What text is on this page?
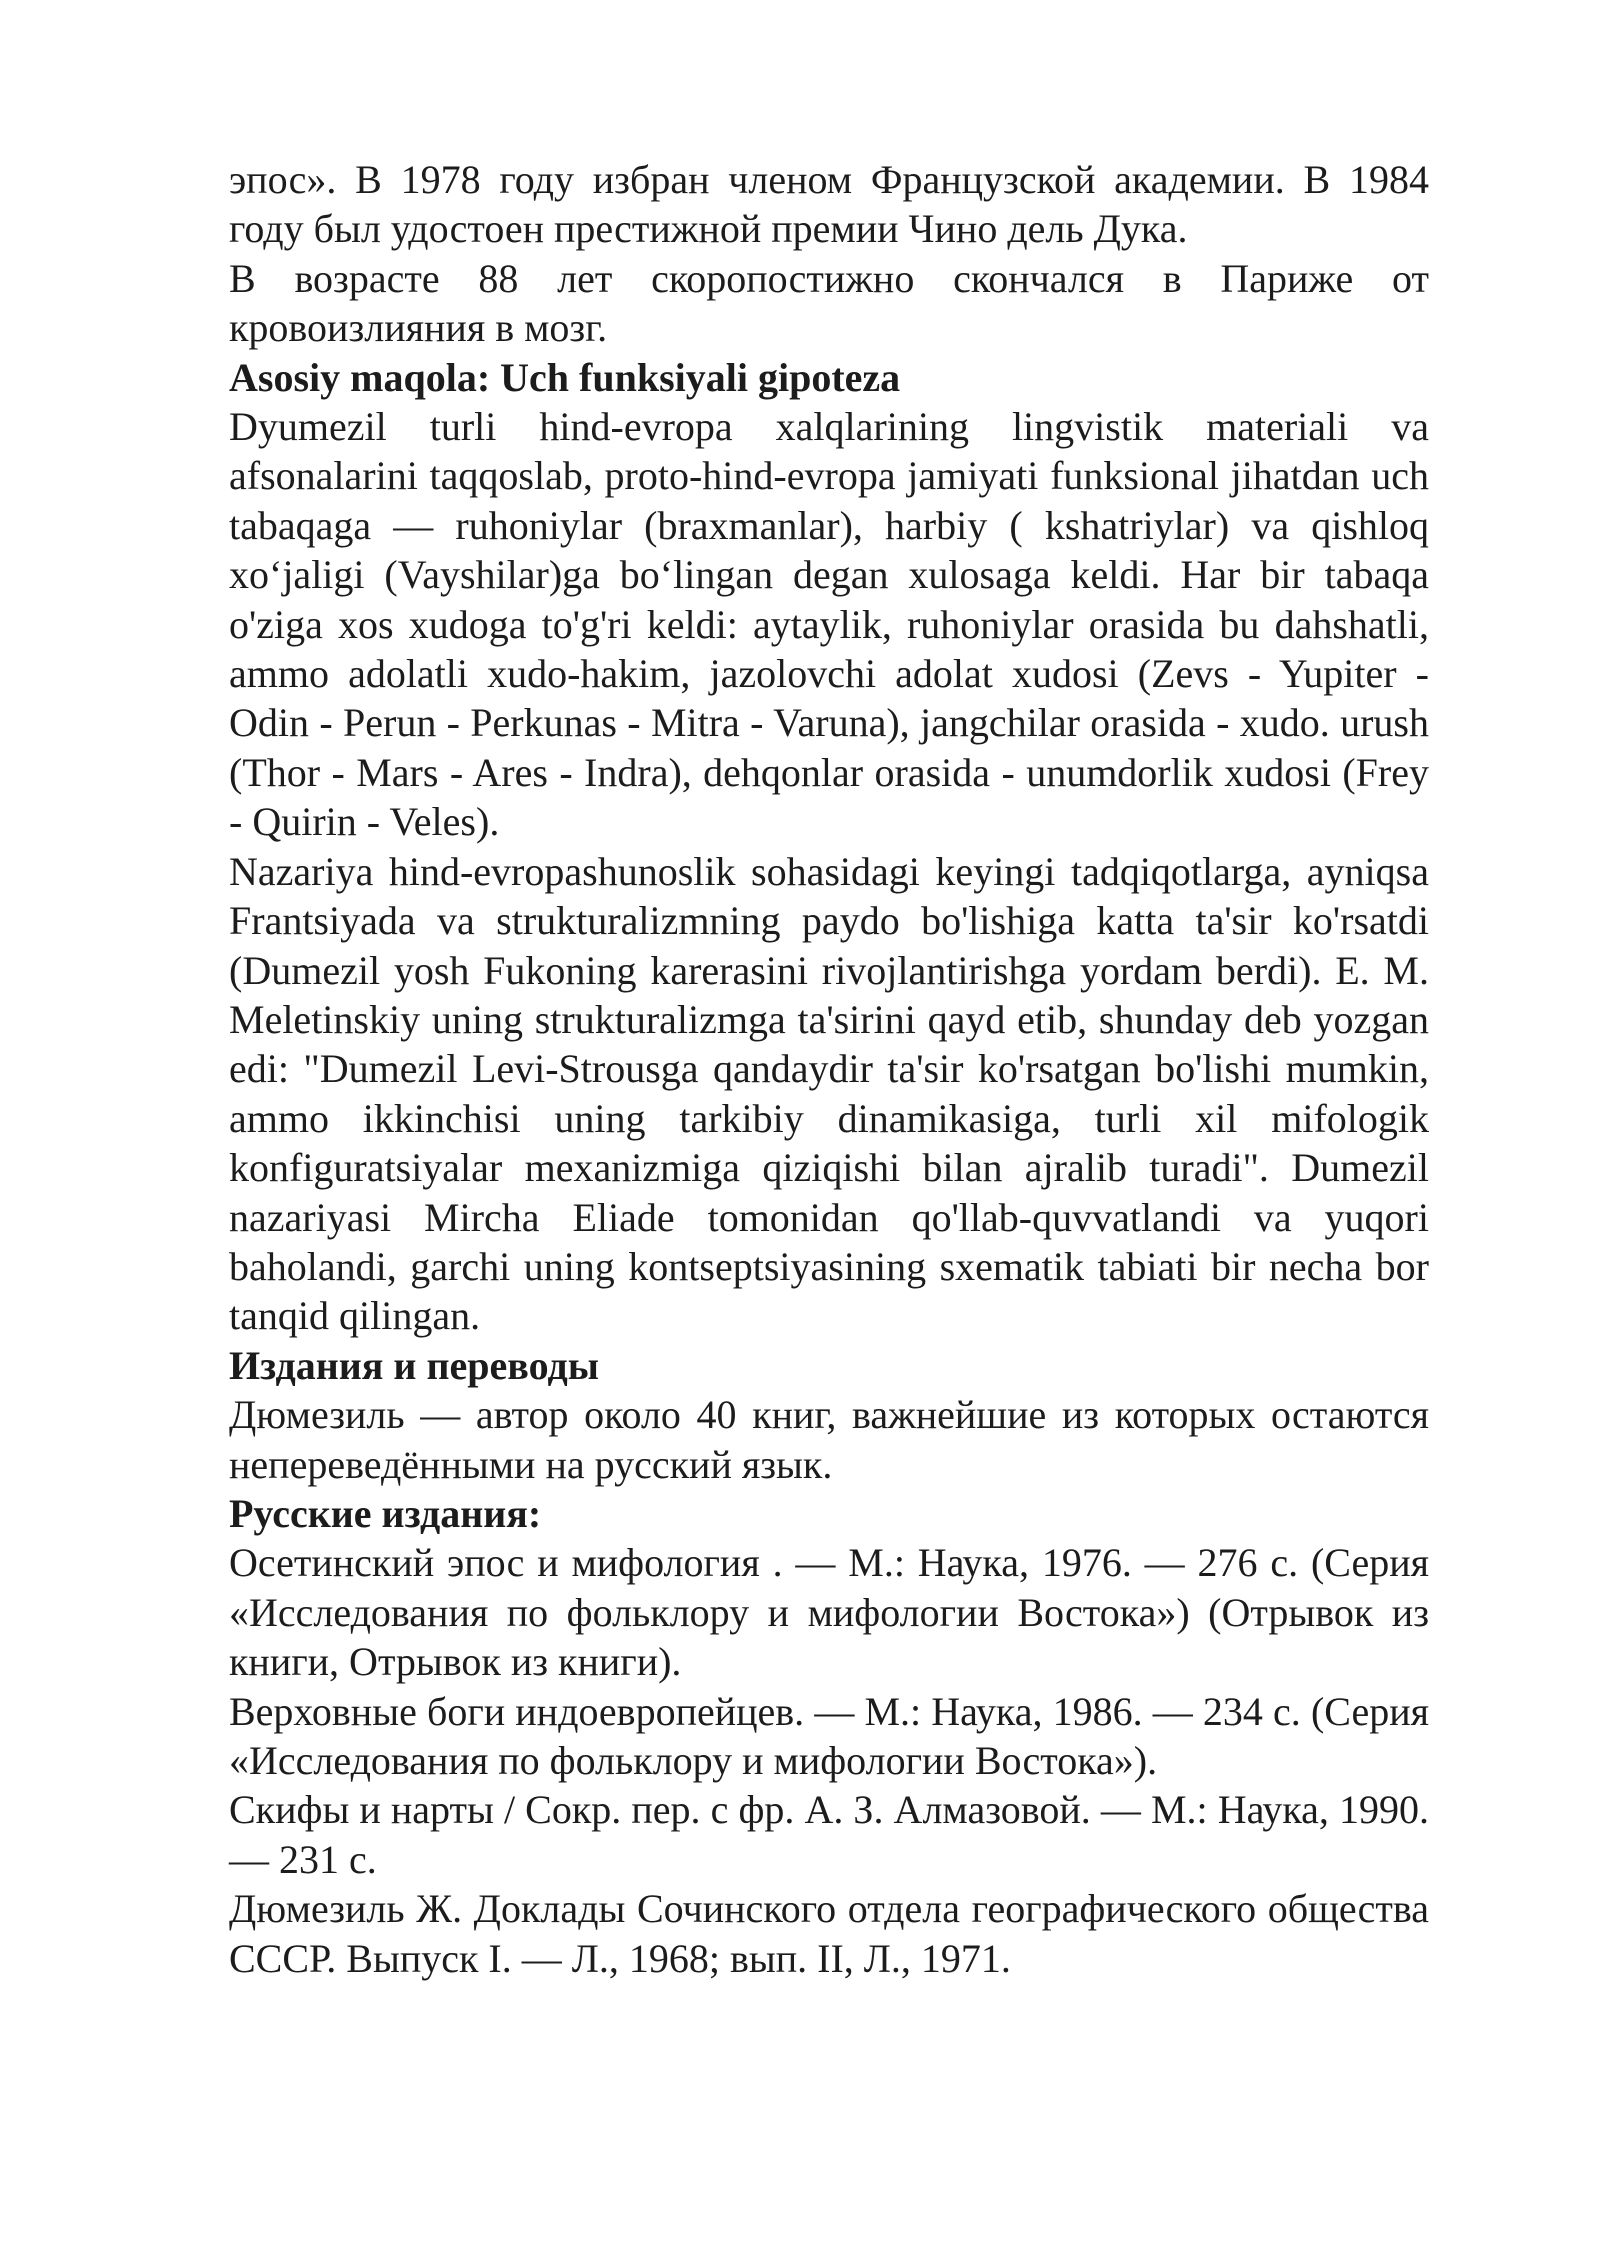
эпос». В 1978 году избран членом Французской академии. В 1984 году был удостоен престижной премии Чино дель Дука.

В возрасте 88 лет скоропостижно скончался в Париже от кровоизлияния в мозг.

Asosiy maqola: Uch funksiyali gipoteza

Dyumezil turli hind-evropa xalqlarining lingvistik materiali va afsonalarini taqqoslab, proto-hind-evropa jamiyati funksional jihatdan uch tabaqaga — ruhoniylar (braxmanlar), harbiy ( kshatriylar) va qishloq xoʻjaligi (Vayshilar)ga boʻlingan degan xulosaga keldi. Har bir tabaqa o'ziga xos xudoga to'g'ri keldi: aytaylik, ruhoniylar orasida bu dahshatli, ammo adolatli xudo-hakim, jazolovchi adolat xudosi (Zevs - Yupiter - Odin - Perun - Perkunas - Mitra - Varuna), jangchilar orasida - xudo. urush (Thor - Mars - Ares - Indra), dehqonlar orasida - unumdorlik xudosi (Frey - Quirin - Veles).

Nazariya hind-evropashunoslik sohasidagi keyingi tadqiqotlarga, ayniqsa Frantsiyada va strukturalizmning paydo bo'lishiga katta ta'sir ko'rsatdi (Dumezil yosh Fukoning karerasini rivojlantirishga yordam berdi). E. M. Meletinskiy uning strukturalizmga ta'sirini qayd etib, shunday deb yozgan edi: "Dumezil Levi-Strousga qandaydir ta'sir ko'rsatgan bo'lishi mumkin, ammo ikkinchisi uning tarkibiy dinamikasiga, turli xil mifologik konfiguratsiyalar mexanizmiga qiziqishi bilan ajralib turadi". Dumezil nazariyasi Mircha Eliade tomonidan qo'llab-quvvatlandi va yuqori baholandi, garchi uning kontseptsiyasining sxematik tabiati bir necha bor tanqid qilingan.

Издания и переводы

Дюмезиль — автор около 40 книг, важнейшие из которых остаются непереведёнными на русский язык.

Русские издания:

Осетинский эпос и мифология . — М.: Наука, 1976. — 276 с. (Серия «Исследования по фольклору и мифологии Востока») (Отрывок из книги, Отрывок из книги).

Верховные боги индоевропейцев. — М.: Наука, 1986. — 234 с. (Серия «Исследования по фольклору и мифологии Востока»).

Скифы и нарты / Сокр. пер. с фр. А. З. Алмазовой. — М.: Наука, 1990. — 231 с.

Дюмезиль Ж. Доклады Сочинского отдела географического общества СССР. Выпуск I. — Л., 1968; вып. II, Л., 1971.
